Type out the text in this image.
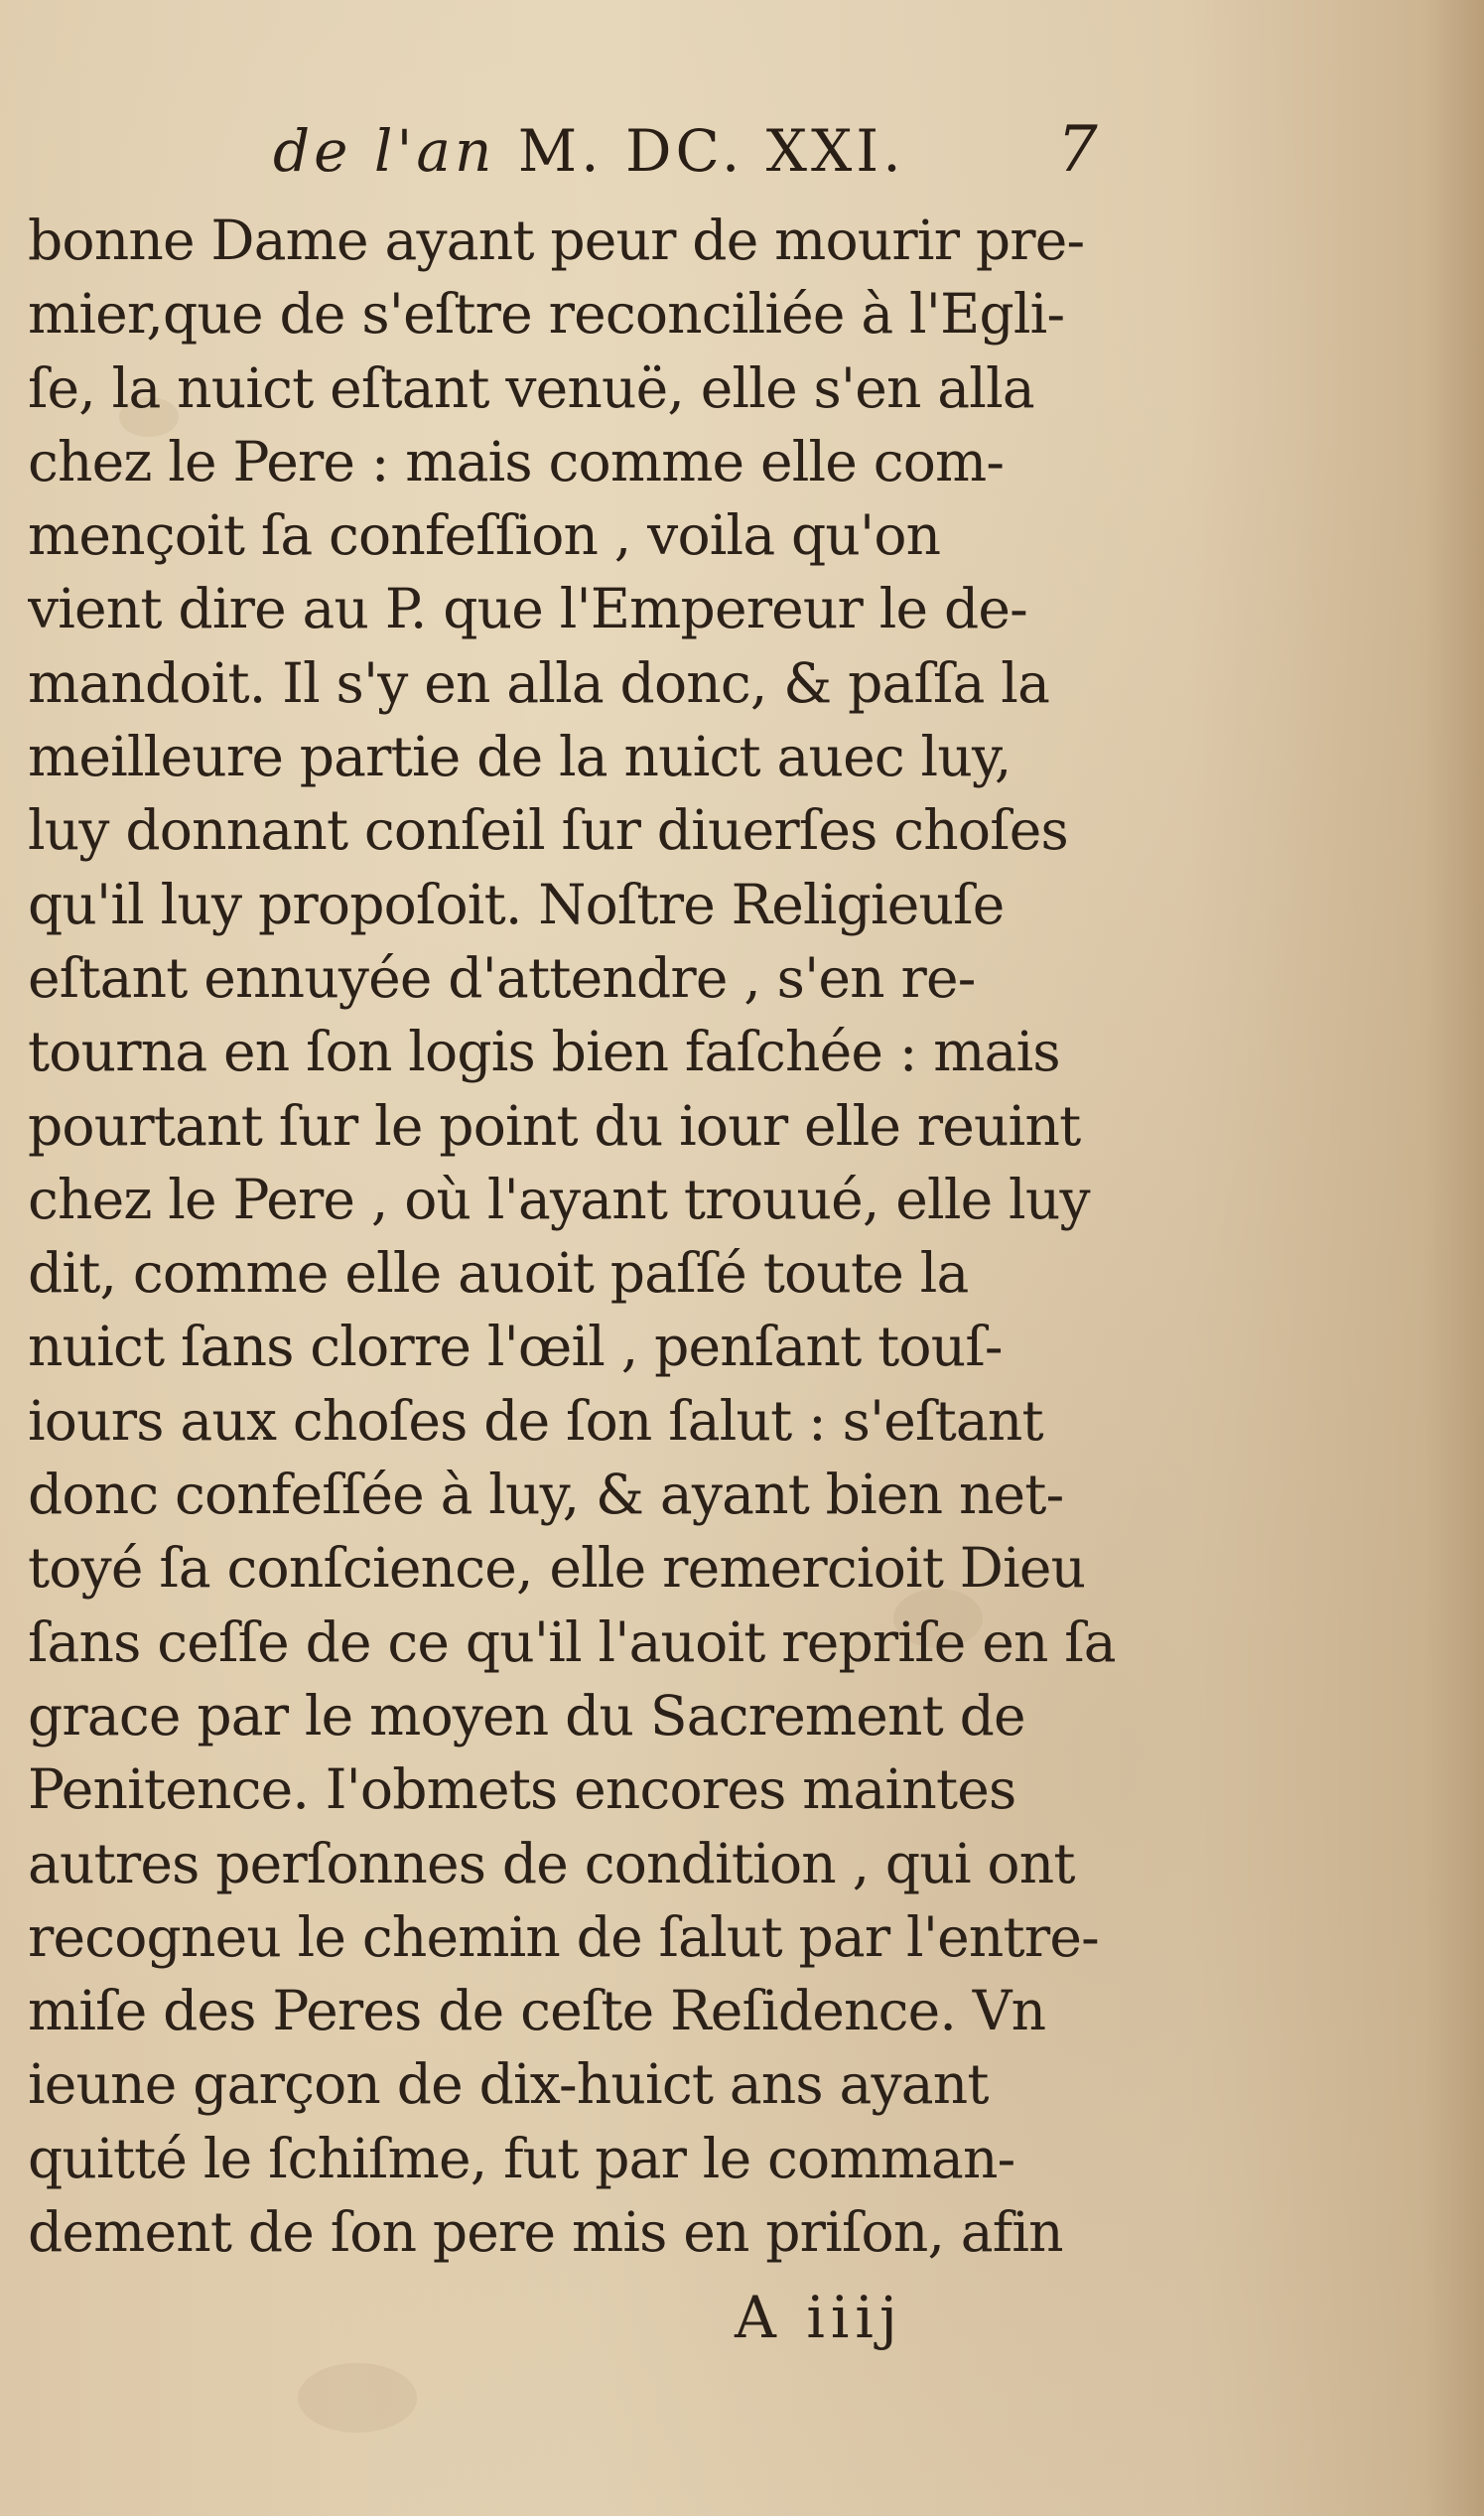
de l'an M. DC. XXI. 7
bonne Dame ayant peur de mourir pre-
mier,que de s'eſtre reconciliée à l'Egli-
ſe, la nuict eſtant venuë, elle s'en alla
chez le Pere : mais comme elle com-
mençoit ſa confeſſion , voila qu'on
vient dire au P. que l'Empereur le de-
mandoit. Il s'y en alla donc, & paſſa la
meilleure partie de la nuict auec luy,
luy donnant conſeil ſur diuerſes choſes
qu'il luy propoſoit. Noſtre Religieuſe
eſtant ennuyée d'attendre , s'en re-
tourna en ſon logis bien faſchée : mais
pourtant ſur le point du iour elle reuint
chez le Pere , où l'ayant trouué, elle luy
dit, comme elle auoit paſſé toute la
nuict ſans clorre l'œil , penſant touſ-
iours aux choſes de ſon ſalut : s'eſtant
donc confeſſée à luy, & ayant bien net-
toyé ſa conſcience, elle remercioit Dieu
ſans ceſſe de ce qu'il l'auoit repriſe en ſa
grace par le moyen du Sacrement de
Penitence. I'obmets encores maintes
autres perſonnes de condition , qui ont
recogneu le chemin de ſalut par l'entre-
miſe des Peres de ceſte Reſidence. Vn
ieune garçon de dix-huict ans ayant
quitté le ſchiſme, fut par le comman-
dement de ſon pere mis en priſon, afin
A iiij
